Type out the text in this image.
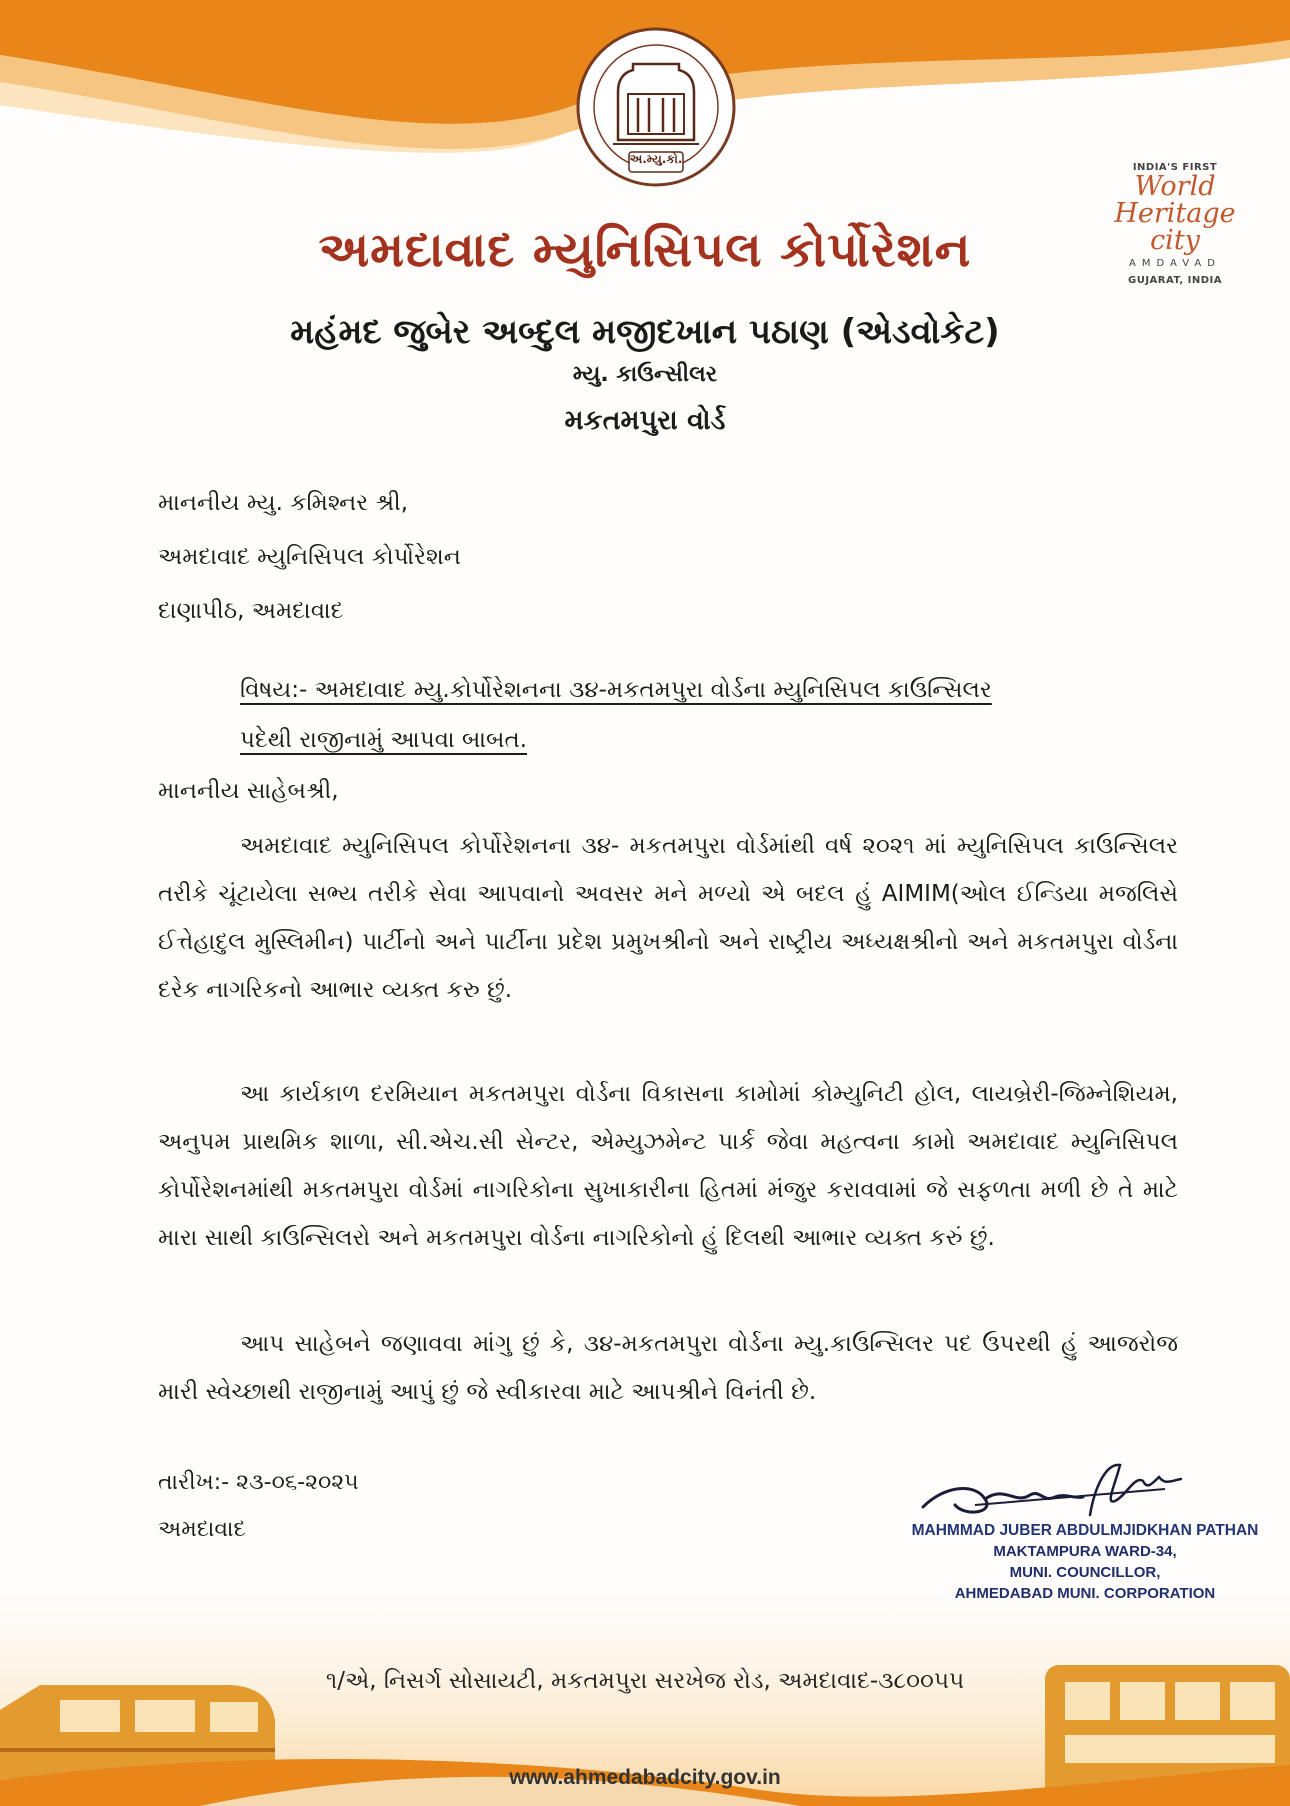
અ.મ્યુ.કો.
INDIA'S FIRST
World
Heritage
city
AMDAVAD
GUJARAT, INDIA
અમદાવાદ મ્યુનિસિપલ કોર્પોરેશન
મહંમદ જુબેર અબ્દુલ મજીદખાન પઠાણ (એડવોકેટ)
મ્યુ. કાઉન્સીલર
મકતમપુરા વોર્ડ
માનનીય મ્યુ. કમિશ્નર શ્રી,
અમદાવાદ મ્યુનિસિપલ કોર્પોરેશન
દાણાપીઠ, અમદાવાદ
વિષય:- અમદાવાદ મ્યુ.કોર્પોરેશનના ૩૪-મકતમપુરા વોર્ડના મ્યુનિસિપલ કાઉન્સિલર
પદેથી રાજીનામું આપવા બાબત.
માનનીય સાહેબશ્રી,

અમદાવાદ મ્યુનિસિપલ કોર્પોરેશનના ૩૪- મકતમપુરા વોર્ડમાંથી વર્ષ ૨૦૨૧ માં મ્યુનિસિપલ કાઉન્સિલર તરીકે ચૂંટાયેલા સભ્ય તરીકે સેવા આપવાનો અવસર મને મળ્યો એ બદલ હું AIMIM(ઓલ ઈન્ડિયા મજલિસે ઈત્તેહાદુલ મુસ્લિમીન) પાર્ટીનો અને પાર્ટીના પ્રદેશ પ્રમુખશ્રીનો અને રાષ્ટ્રીય અધ્યક્ષશ્રીનો અને મકતમપુરા વોર્ડના દરેક નાગરિકનો આભાર વ્યક્ત કરુ છું.

આ કાર્યકાળ દરમિયાન મકતમપુરા વોર્ડના વિકાસના કામોમાં કોમ્યુનિટી હોલ, લાયબ્રેરી-જિમ્નેશિયમ, અનુપમ પ્રાથમિક શાળા, સી.એચ.સી સેન્ટર, એમ્યુઝમેન્ટ પાર્ક જેવા મહત્વના કામો અમદાવાદ મ્યુનિસિપલ કોર્પોરેશનમાંથી મકતમપુરા વોર્ડમાં નાગરિકોના સુખાકારીના હિતમાં મંજુર કરાવવામાં જે સફળતા મળી છે તે માટે મારા સાથી કાઉન્સિલરો અને મકતમપુરા વોર્ડના નાગરિકોનો હું દિલથી આભાર વ્યક્ત કરું છું.

આપ સાહેબને જણાવવા માંગુ છું કે, ૩૪-મકતમપુરા વોર્ડના મ્યુ.કાઉન્સિલર પદ ઉપરથી હું આજરોજ મારી સ્વેચ્છાથી રાજીનામું આપું છું જે સ્વીકારવા માટે આપશ્રીને વિનંતી છે.

તારીખ:- ૨૩-૦૬-૨૦૨૫
અમદાવાદ	MAHMMAD JUBER ABDULMJIDKHAN PATHAN
MAKTAMPURA WARD-34,
MUNI. COUNCILLOR,
૧/એ, નિસર્ગ સોસાયટી, મકતમપુરા સરખેજ રોડ, અમદાવાદ-૩૮૦૦૫૫
www.ahmedabadcity.gov.in
